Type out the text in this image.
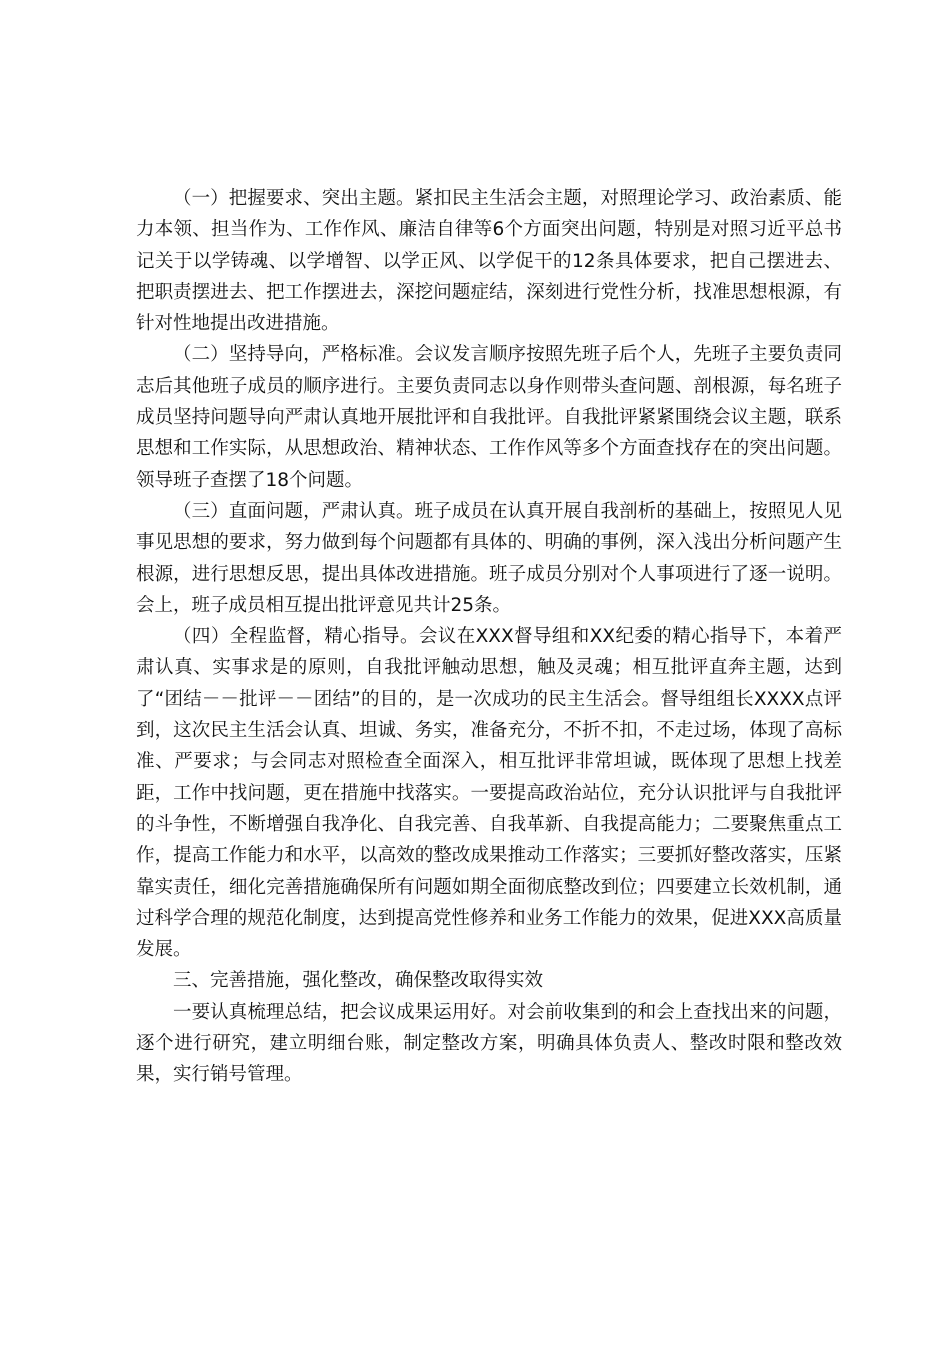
（一）把握要求、突出主题。紧扣民主生活会主题，对照理论学习、政治素质、能力本领、担当作为、工作作风、廉洁自律等6个方面突出问题，特别是对照习近平总书记关于以学铸魂、以学增智、以学正风、以学促干的12条具体要求，把自己摆进去、把职责摆进去、把工作摆进去，深挖问题症结，深刻进行党性分析，找准思想根源，有针对性地提出改进措施。

（二）坚持导向，严格标准。会议发言顺序按照先班子后个人，先班子主要负责同志后其他班子成员的顺序进行。主要负责同志以身作则带头查问题、剖根源，每名班子成员坚持问题导向严肃认真地开展批评和自我批评。自我批评紧紧围绕会议主题，联系思想和工作实际，从思想政治、精神状态、工作作风等多个方面查找存在的突出问题。领导班子查摆了18个问题。

（三）直面问题，严肃认真。班子成员在认真开展自我剖析的基础上，按照见人见事见思想的要求，努力做到每个问题都有具体的、明确的事例，深入浅出分析问题产生根源，进行思想反思，提出具体改进措施。班子成员分别对个人事项进行了逐一说明。会上，班子成员相互提出批评意见共计25条。

（四）全程监督，精心指导。会议在XXX督导组和XX纪委的精心指导下，本着严肃认真、实事求是的原则，自我批评触动思想，触及灵魂；相互批评直奔主题，达到了“团结－－批评－－团结”的目的，是一次成功的民主生活会。督导组组长XXXX点评到，这次民主生活会认真、坦诚、务实，准备充分，不折不扣，不走过场，体现了高标准、严要求；与会同志对照检查全面深入，相互批评非常坦诚，既体现了思想上找差距，工作中找问题，更在措施中找落实。一要提高政治站位，充分认识批评与自我批评的斗争性，不断增强自我净化、自我完善、自我革新、自我提高能力；二要聚焦重点工作，提高工作能力和水平，以高效的整改成果推动工作落实；三要抓好整改落实，压紧靠实责任，细化完善措施确保所有问题如期全面彻底整改到位；四要建立长效机制，通过科学合理的规范化制度，达到提高党性修养和业务工作能力的效果，促进XXX高质量发展。

三、完善措施，强化整改，确保整改取得实效

一要认真梳理总结，把会议成果运用好。对会前收集到的和会上查找出来的问题，逐个进行研究，建立明细台账，制定整改方案，明确具体负责人、整改时限和整改效果，实行销号管理。
